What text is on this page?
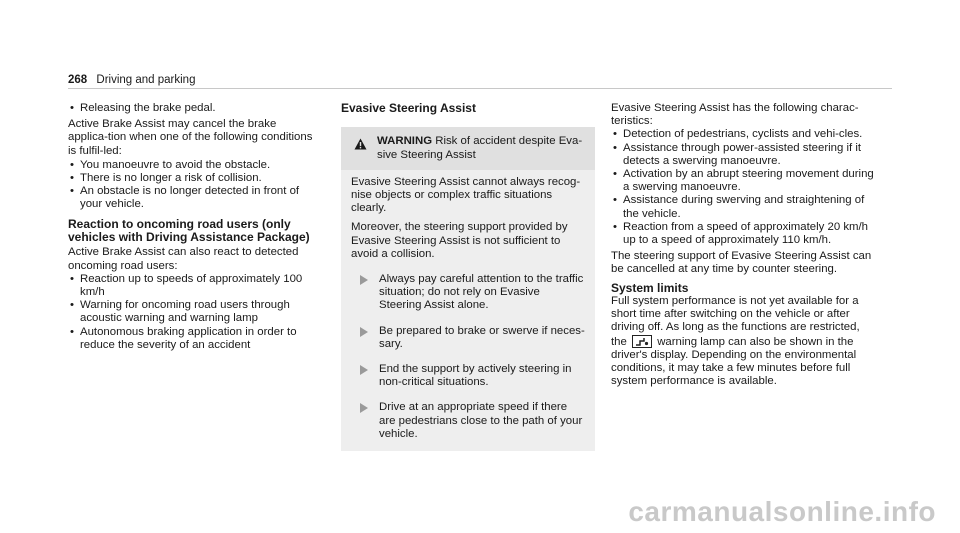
268 Driving and parking
• Releasing the brake pedal.

Active Brake Assist may cancel the brake applica-tion when one of the following conditions is fulfil-led:

• You manoeuvre to avoid the obstacle.
• There is no longer a risk of collision.
• An obstacle is no longer detected in front of your vehicle.
Reaction to oncoming road users (only vehicles with Driving Assistance Package)

Active Brake Assist can also react to detected oncoming road users:

• Reaction up to speeds of approximately 100 km/h
• Warning for oncoming road users through acoustic warning and warning lamp
• Autonomous braking application in order to reduce the severity of an accident
Evasive Steering Assist
WARNING Risk of accident despite Eva-sive Steering Assist

Evasive Steering Assist cannot always recog-nise objects or complex traffic situations clearly.

Moreover, the steering support provided by Evasive Steering Assist is not sufficient to avoid a collision.

Always pay careful attention to the traffic situation; do not rely on Evasive Steering Assist alone.
Be prepared to brake or swerve if neces-sary.
End the support by actively steering in non-critical situations.
Drive at an appropriate speed if there are pedestrians close to the path of your vehicle.

Evasive Steering Assist has the following charac-teristics:

• Detection of pedestrians, cyclists and vehi-cles.
• Assistance through power-assisted steering if it detects a swerving manoeuvre.
• Activation by an abrupt steering movement during a swerving manoeuvre.
• Assistance during swerving and straightening of the vehicle.
• Reaction from a speed of approximately 20 km/h up to a speed of approximately 110 km/h.

The steering support of Evasive Steering Assist can be cancelled at any time by counter steering.

System limits

Full system performance is not yet available for a short time after switching on the vehicle or after driving off. As long as the functions are restricted, the	warning lamp can also be shown in the driver's display. Depending on the environmental conditions, it may take a few minutes before full system performance is available.

carmanualsonline.info
